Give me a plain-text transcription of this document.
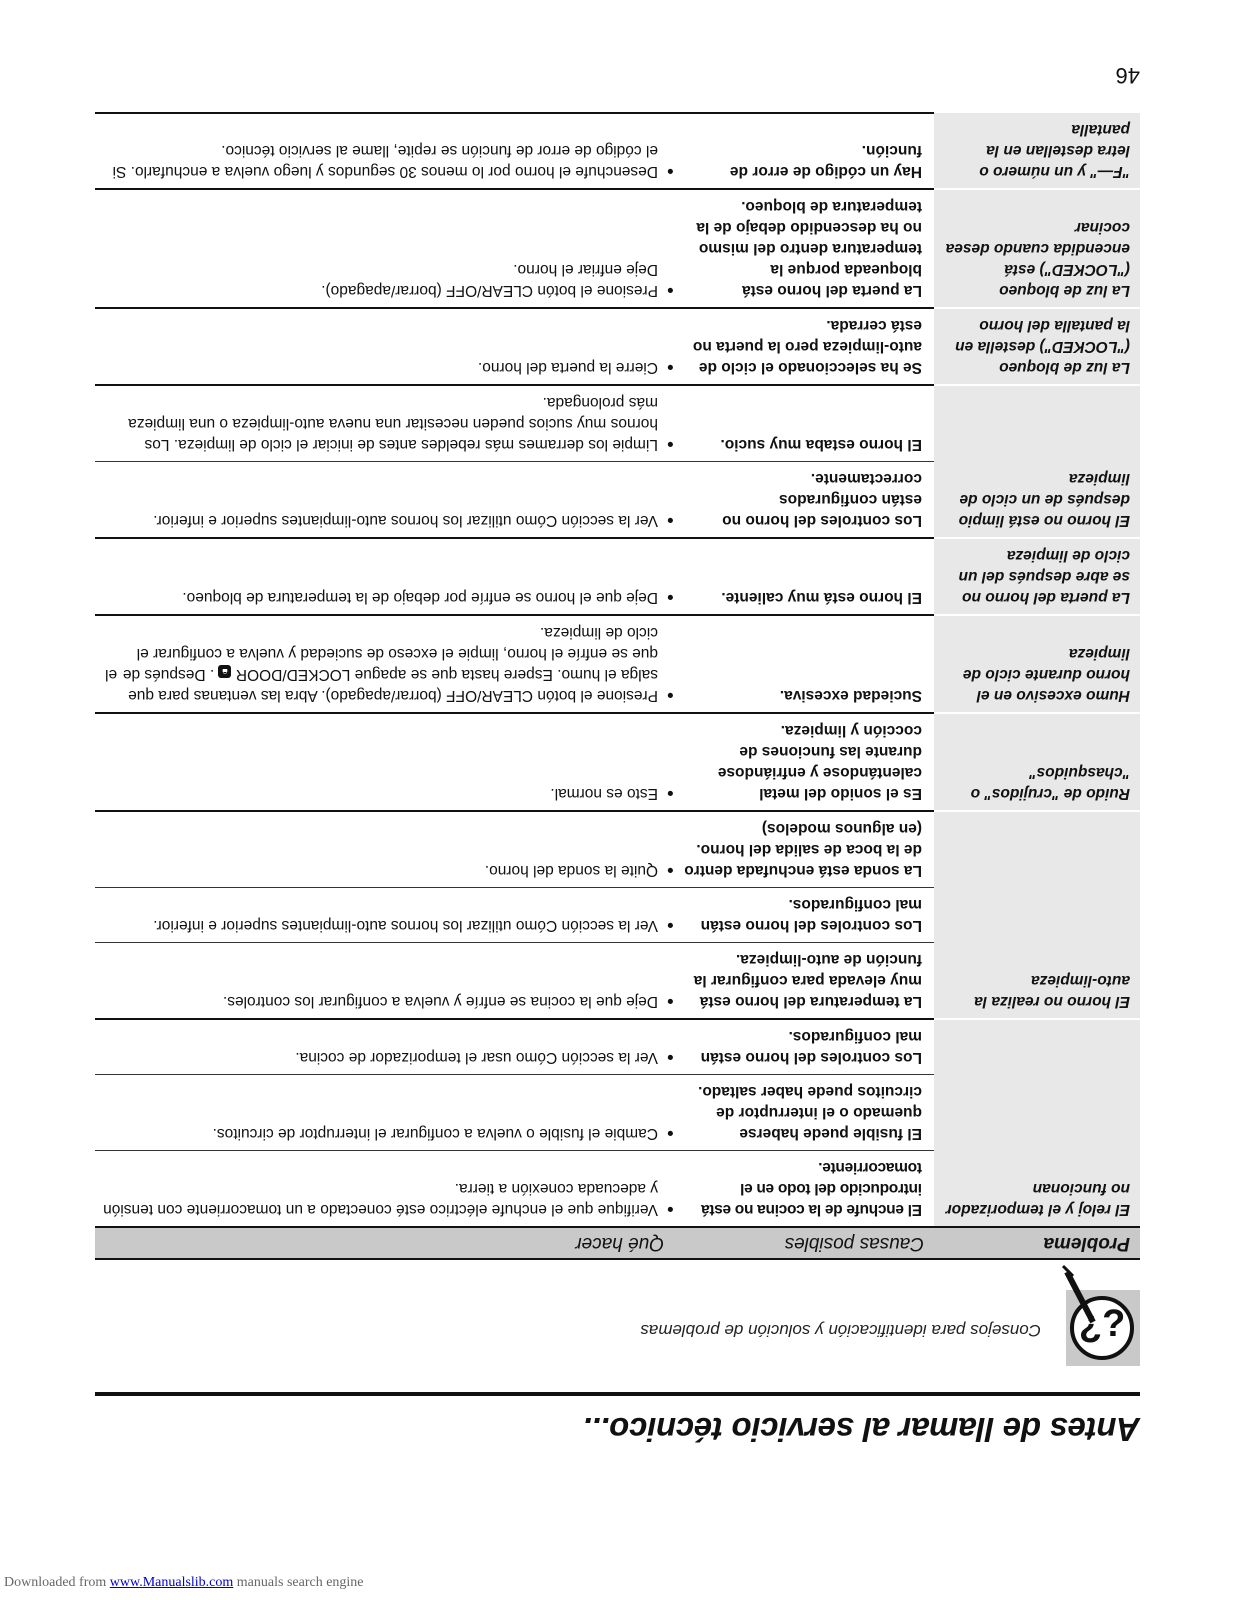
46
Antes de llamar al servicio técnico...
¿?
Consejos para identificación y solución de problemas
Problema	Causas posibles	Qué hacer
El reloj y el temporizador no funcionan	El enchufe de la cocina no está introducido del todo en el tomacorriente.	●
Verifique que el enchufe eléctrico esté conectado a un tomacorriente con tensión y adecuada conexión a tierra.

	El fusible puede haberse quemado o el interruptor de circuitos puede haber saltado.	●
Cambie el fusible o vuelva a configurar el interruptor de circuitos.

	Los controles del horno están mal configurados.	●
Ver la sección Cómo usar el temporizador de cocina.

El horno no realiza la auto-limpieza	La temperatura del horno está muy elevada para configurar la función de auto-limpieza.	●
Deje que la cocina se enfríe y vuelva a configurar los controles.

	Los controles del horno están mal configurados.	●
Ver la sección Cómo utilizar los hornos auto-limpiantes superior e inferior.

	La sonda está enchufada dentro de la boca de salida del horno. (en algunos modelos)	●
Quite la sonda del horno.

Ruido de "crujidos" o "chasquidos"	Es el sonido del metal calentándose y enfriándose durante las funciones de cocción y limpieza.	●
Esto es normal.

Humo excesivo en el horno durante ciclo de limpieza	Suciedad excesiva.	●
Presione el botón CLEAR/OFF (borrar/apagado). Abra las ventanas para que salga el humo. Espere hasta que se apague LOCKED/DOOR 🔒︎ . Después de que se enfríe el horno, limpie el exceso de suciedad y vuelva a configurar el ciclo de limpieza.
el

La puerta del horno no se abre después del un ciclo de limpieza	El horno está muy caliente.	●
Deje que el horno se enfríe por debajo de la temperatura de bloqueo.

El horno no está limpio después de un ciclo de limpieza	Los controles del horno no están configurados correctamente.	●
Ver la sección Cómo utilizar los hornos auto-limpiantes superior e inferior.

	El horno estaba muy sucio.	●
Limpie los derrames más rebeldes antes de iniciar el ciclo de limpieza. Los hornos muy sucios pueden necesitar una nueva auto-limpieza o una limpieza más prolongada.

La luz de bloqueo ("LOCKED") destella en la pantalla del horno	Se ha seleccionado el ciclo de auto-limpieza pero la puerta no está cerrada.	●
Cierre la puerta del horno.

La luz de bloqueo ("LOCKED") está encendida cuando desea cocinar	La puerta del horno está bloqueada porque la temperatura dentro del mismo no ha descendido debajo de la temperatura de bloqueo.	●
Presione el botón CLEAR/OFF (borrar/apagado).
Deje enfriar el horno.

"F—" y un número o letra destellan en la pantalla	Hay un código de error de función.	●
Desenchufe el horno por lo menos 30 segundos y luego vuelva a enchufarlo. Si el código de error de función se repite, llame al servicio técnico.
Downloaded from www.Manualslib.com manuals search engine
